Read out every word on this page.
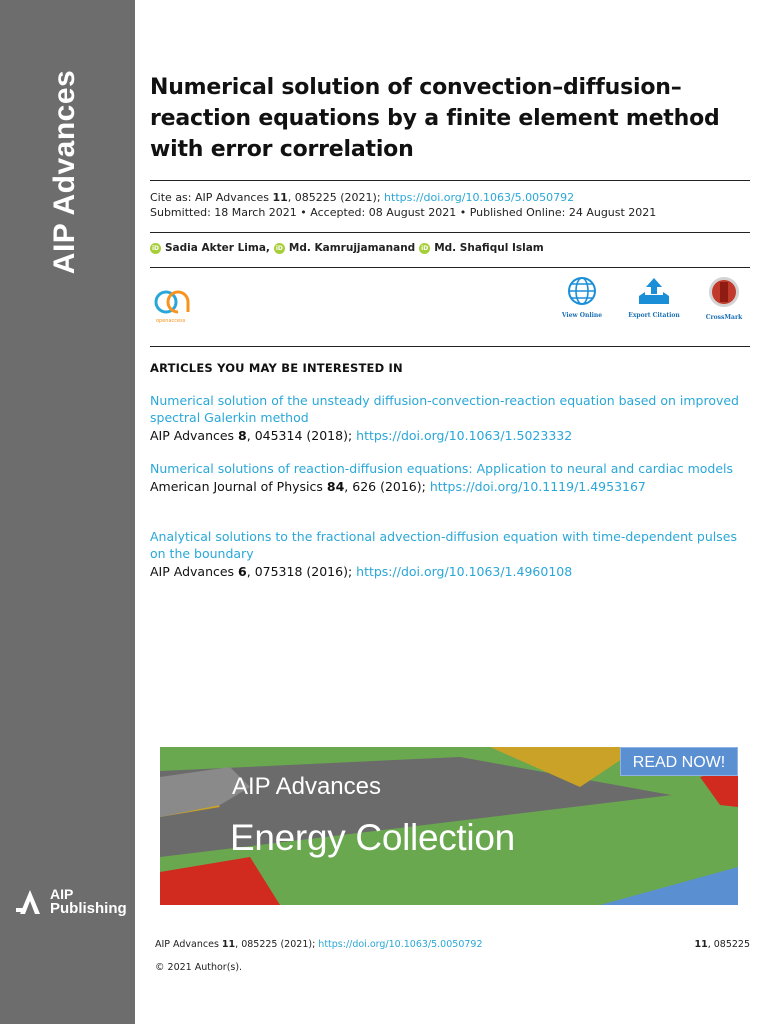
AIP Advances
AIP
Publishing
Numerical solution of convection–diffusion–reaction equations by a finite element method with error correlation
Cite as: AIP Advances 11, 085225 (2021); https://doi.org/10.1063/5.0050792
Submitted: 18 March 2021 • Accepted: 08 August 2021 • Published Online: 24 August 2021
iD Sadia Akter Lima , iD Md. Kamrujjaman and iD Md. Shafiqul Islam
openaccess
View Online	Export Citation	CrossMark
ARTICLES YOU MAY BE INTERESTED IN
Numerical solution of the unsteady diffusion-convection-reaction equation based on improved spectral Galerkin method
AIP Advances 8, 045314 (2018); https://doi.org/10.1063/1.5023332
Numerical solutions of reaction-diffusion equations: Application to neural and cardiac models
American Journal of Physics 84, 626 (2016); https://doi.org/10.1119/1.4953167
Analytical solutions to the fractional advection-diffusion equation with time-dependent pulses on the boundary
AIP Advances 6, 075318 (2016); https://doi.org/10.1063/1.4960108
AIP Advances
Energy Collection
READ NOW!
AIP Advances 11, 085225 (2021); https://doi.org/10.1063/5.0050792	11, 085225
© 2021 Author(s).
